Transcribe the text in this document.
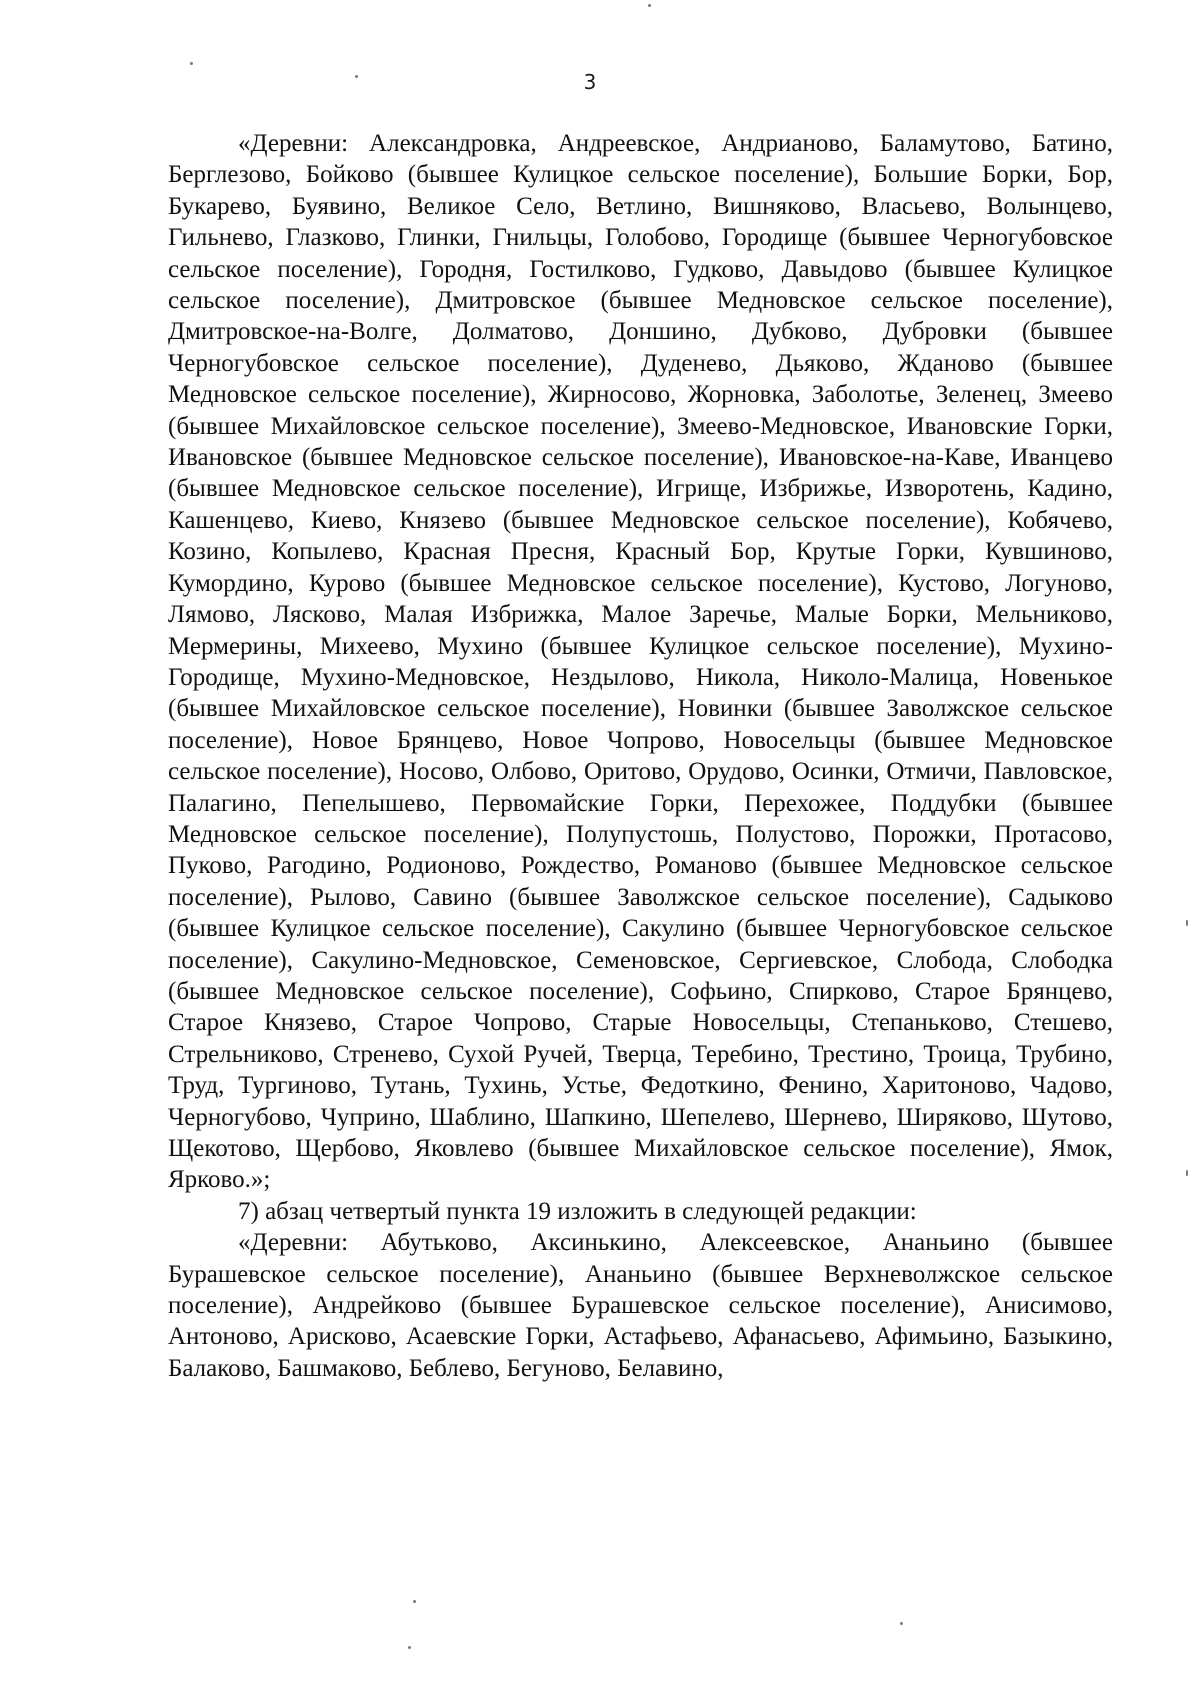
3

«Деревни: Александровка, Андреевское, Андрианово, Баламутово, Батино, Берглезово, Бойково (бывшее Кулицкое сельское поселение), Большие Борки, Бор, Букарево, Буявино, Великое Село, Ветлино, Вишняково, Власьево, Волынцево, Гильнево, Глазково, Глинки, Гнильцы, Голобово, Городище (бывшее Черногубовское сельское поселение), Городня, Гостилково, Гудково, Давыдово (бывшее Кулицкое сельское поселение), Дмитровское (бывшее Медновское сельское поселение), Дмитровское-на-Волге, Долматово, Доншино, Дубково, Дубровки (бывшее Черногубовское сельское поселение), Дуденево, Дьяково, Жданово (бывшее Медновское сельское поселение), Жирносово, Жорновка, Заболотье, Зеленец, Змеево (бывшее Михайловское сельское поселение), Змеево-Медновское, Ивановские Горки, Ивановское (бывшее Медновское сельское поселение), Ивановское-на-Каве, Иванцево (бывшее Медновское сельское поселение), Игрище, Избрижье, Изворотень, Кадино, Кашенцево, Киево, Князево (бывшее Медновское сельское поселение), Кобячево, Козино, Копылево, Красная Пресня, Красный Бор, Крутые Горки, Кувшиново, Кумордино, Курово (бывшее Медновское сельское поселение), Кустово, Логуново, Лямово, Лясково, Малая Избрижка, Малое Заречье, Малые Борки, Мельниково, Мермерины, Михеево, Мухино (бывшее Кулицкое сельское поселение), Мухино-Городище, Мухино-Медновское, Нездылово, Никола, Николо-Малица, Новенькое (бывшее Михайловское сельское поселение), Новинки (бывшее Заволжское сельское поселение), Новое Брянцево, Новое Чопрово, Новосельцы (бывшее Медновское сельское поселение), Носово, Олбово, Оритово, Орудово, Осинки, Отмичи, Павловское, Палагино, Пепелышево, Первомайские Горки, Перехожее, Поддубки (бывшее Медновское сельское поселение), Полупустошь, Полустово, Порожки, Протасово, Пуково, Рагодино, Родионово, Рождество, Романово (бывшее Медновское сельское поселение), Рылово, Савино (бывшее Заволжское сельское поселение), Садыково (бывшее Кулицкое сельское поселение), Сакулино (бывшее Черногубовское сельское поселение), Сакулино-Медновское, Семеновское, Сергиевское, Слобода, Слободка (бывшее Медновское сельское поселение), Софьино, Спирково, Старое Брянцево, Старое Князево, Старое Чопрово, Старые Новосельцы, Степаньково, Стешево, Стрельниково, Стренево, Сухой Ручей, Тверца, Теребино, Трестино, Троица, Трубино, Труд, Тургиново, Тутань, Тухинь, Устье, Федоткино, Фенино, Харитоново, Чадово, Черногубово, Чуприно, Шаблино, Шапкино, Шепелево, Шернево, Ширяково, Шутово, Щекотово, Щербово, Яковлево (бывшее Михайловское сельское поселение), Ямок, Ярково.»;

7) абзац четвертый пункта 19 изложить в следующей редакции:

«Деревни: Абутьково, Аксинькино, Алексеевское, Ананьино (бывшее Бурашевское сельское поселение), Ананьино (бывшее Верхневолжское сельское поселение), Андрейково (бывшее Бурашевское сельское поселение), Анисимово, Антоново, Арисково, Асаевские Горки, Астафьево, Афанасьево, Афимьино, Базыкино, Балаково, Башмаково, Беблево, Бегуново, Белавино,
